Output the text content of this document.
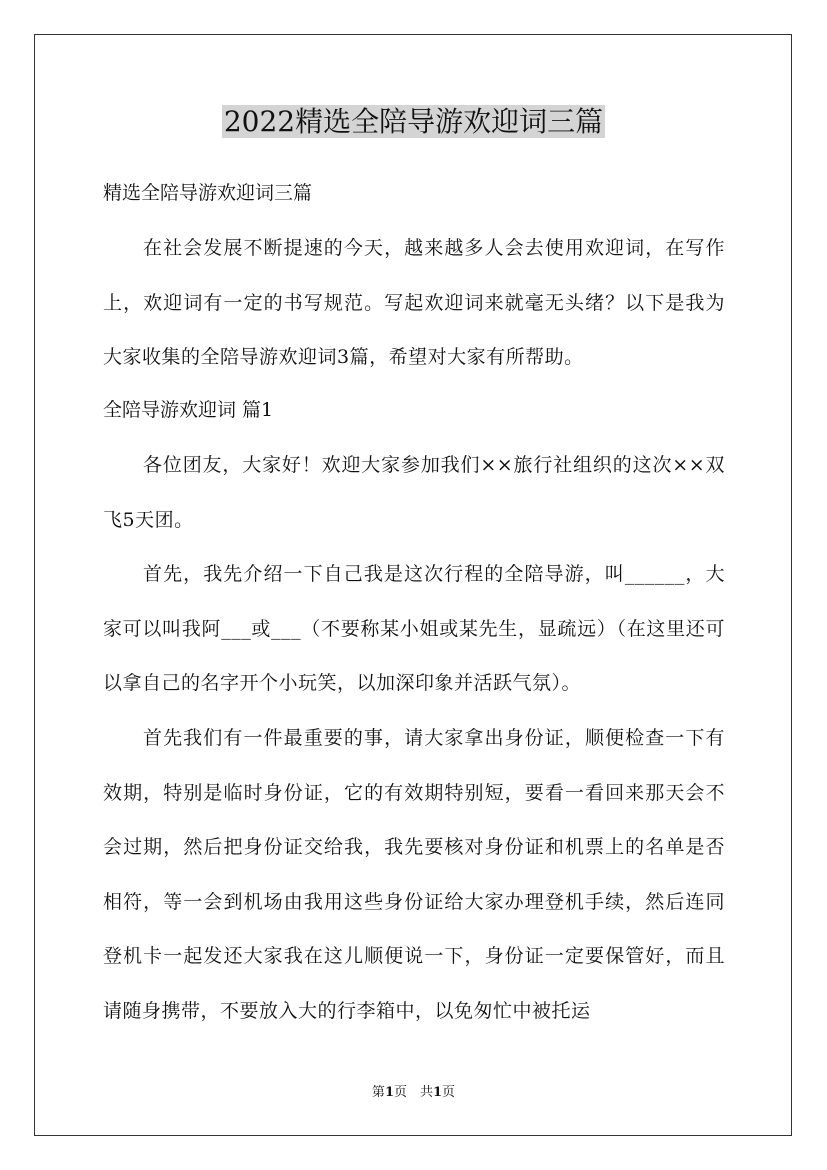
2022精选全陪导游欢迎词三篇

精选全陪导游欢迎词三篇

在社会发展不断提速的今天，越来越多人会去使用欢迎词，在写作上，欢迎词有一定的书写规范。写起欢迎词来就毫无头绪？以下是我为大家收集的全陪导游欢迎词3篇，希望对大家有所帮助。

全陪导游欢迎词 篇1

各位团友，大家好！欢迎大家参加我们××旅行社组织的这次××双飞5天团。

首先，我先介绍一下自己我是这次行程的全陪导游，叫______，大家可以叫我阿___或___（不要称某小姐或某先生，显疏远）（在这里还可以拿自己的名字开个小玩笑，以加深印象并活跃气氛）。

首先我们有一件最重要的事，请大家拿出身份证，顺便检查一下有效期，特别是临时身份证，它的有效期特别短，要看一看回来那天会不会过期，然后把身份证交给我，我先要核对身份证和机票上的名单是否相符，等一会到机场由我用这些身份证给大家办理登机手续，然后连同登机卡一起发还大家我在这儿顺便说一下，身份证一定要保管好，而且请随身携带，不要放入大的行李箱中，以免匆忙中被托运

第1页　共1页
